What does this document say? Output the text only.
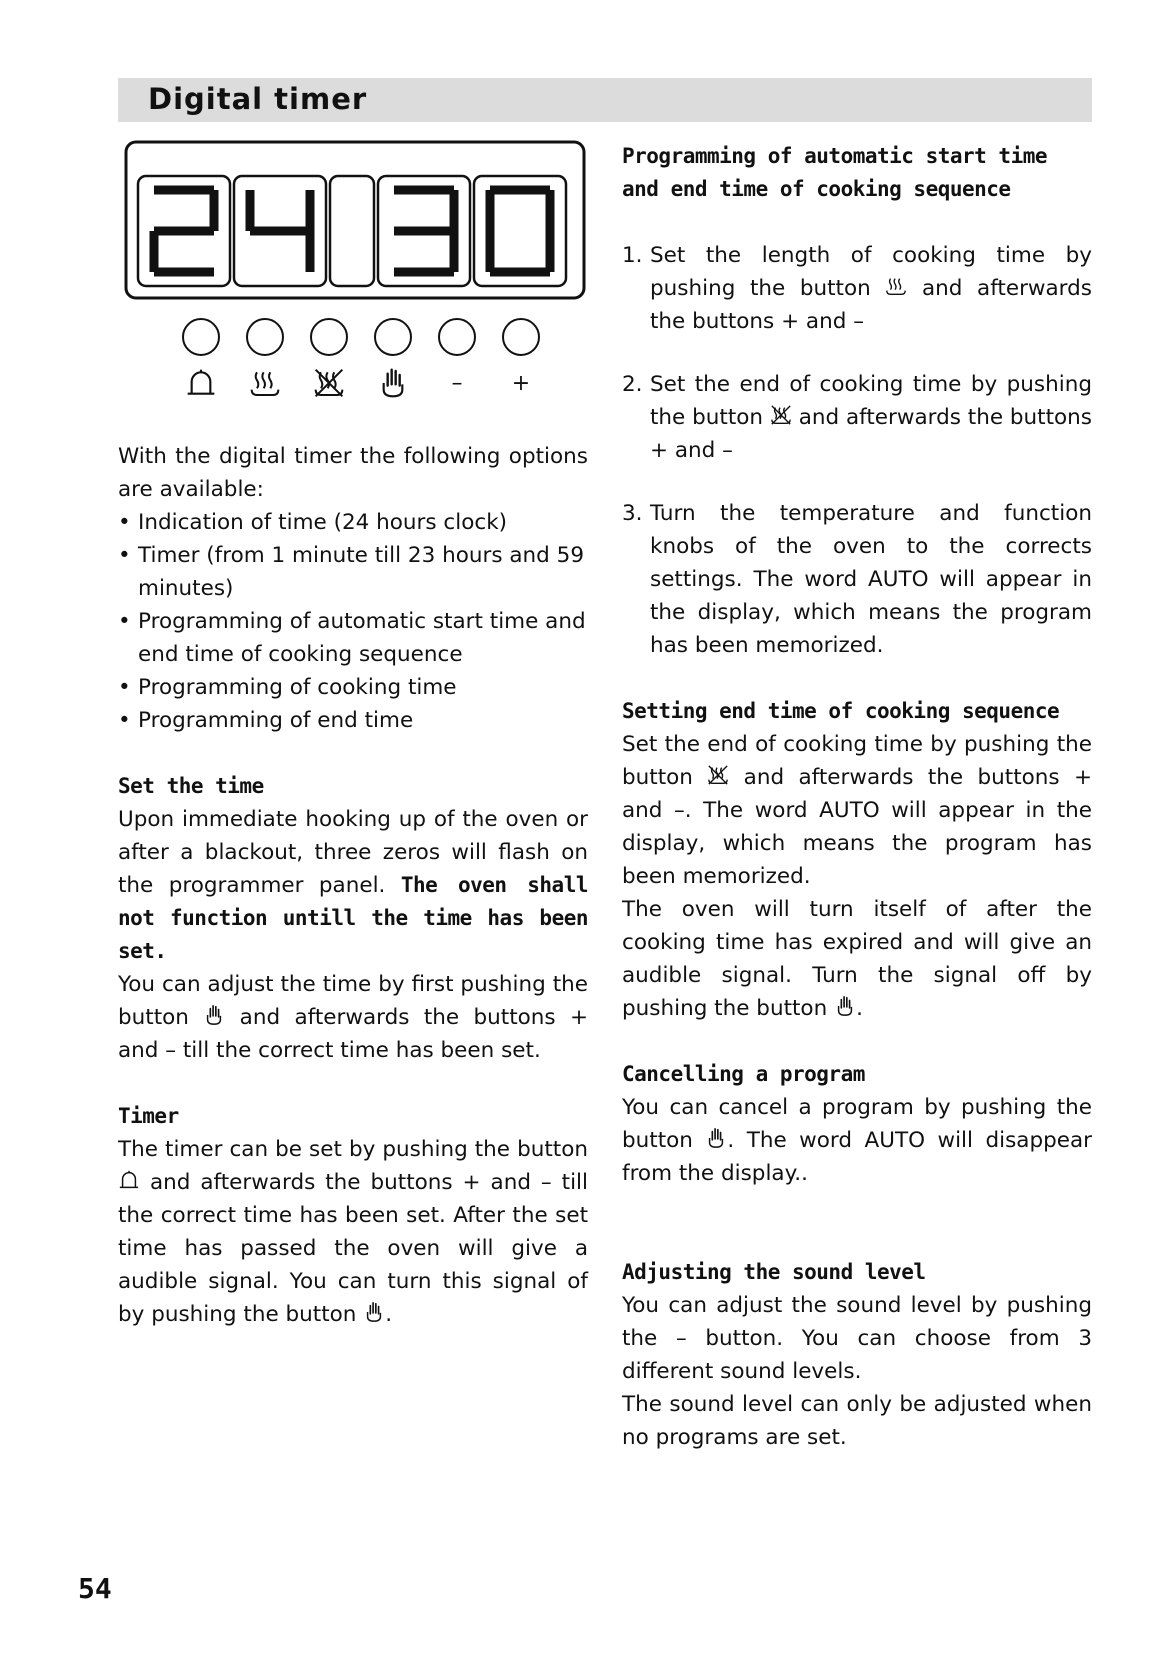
Digital timer
– +

With the digital timer the following options are available:

• Indication of time (24 hours clock)
• Timer (from 1 minute till 23 hours and 59 minutes)
• Programming of automatic start time and end time of cooking sequence
• Programming of cooking time
• Programming of end time
Set the time

Upon immediate hooking up of the oven or after a blackout, three zeros will flash on the programmer panel. The oven shall not function untill the time has been set.

You can adjust the time by first pushing the button  and afterwards the buttons + and – till the correct time has been set.

Timer

The timer can be set by pushing the button  and afterwards the buttons + and – till the correct time has been set. After the set time has passed the oven will give a audible signal. You can turn this signal of by pushing the button .

Programming of automatic start time and end time of cooking sequence
1. Set the length of cooking time by pushing the button  and afterwards the buttons + and –
2. Set the end of cooking time by pushing the button  and afterwards the buttons + and –
3. Turn the temperature and function knobs of the oven to the corrects settings. The word AUTO will appear in the display, which means the program has been memorized.
Setting end time of cooking sequence

Set the end of cooking time by pushing the button  and afterwards the buttons + and –. The word AUTO will appear in the display, which means the program has been memorized.

The oven will turn itself of after the cooking time has expired and will give an audible signal. Turn the signal off by pushing the button .

Cancelling a program

You can cancel a program by pushing the button . The word AUTO will disappear from the display..

Adjusting the sound level

You can adjust the sound level by pushing the – button. You can choose from 3 different sound levels.

The sound level can only be adjusted when no programs are set.

54
